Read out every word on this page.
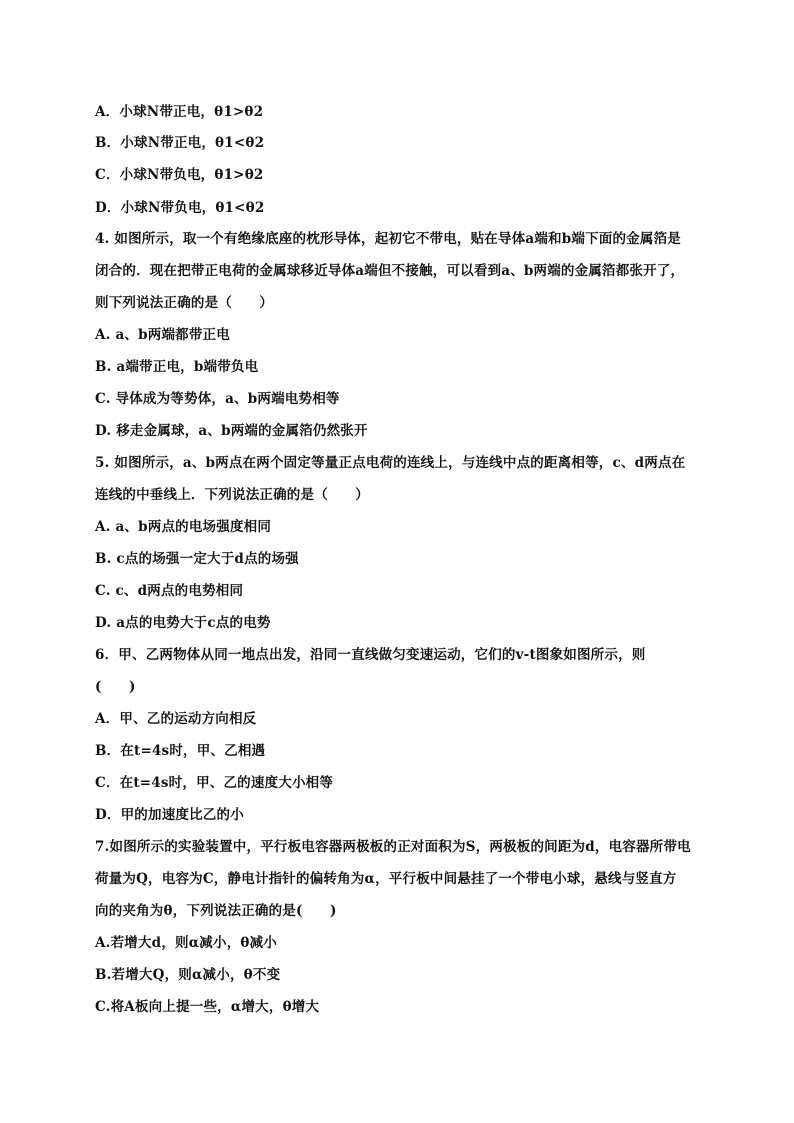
A．小球N带正电，θ1>θ2
B．小球N带正电，θ1<θ2
C．小球N带负电，θ1>θ2
D．小球N带负电，θ1<θ2
4. 如图所示，取一个有绝缘底座的枕形导体，起初它不带电，贴在导体a端和b端下面的金属箔是
闭合的．现在把带正电荷的金属球移近导体a端但不接触，可以看到a、b两端的金属箔都张开了，
则下列说法正确的是（　　）
A. a、b两端都带正电
B. a端带正电，b端带负电
C. 导体成为等势体，a、b两端电势相等
D. 移走金属球，a、b两端的金属箔仍然张开
5. 如图所示，a、b两点在两个固定等量正点电荷的连线上，与连线中点的距离相等，c、d两点在
连线的中垂线上．下列说法正确的是（　　）
A. a、b两点的电场强度相同
B. c点的场强一定大于d点的场强
C. c、d两点的电势相同
D. a点的电势大于c点的电势
6．甲、乙两物体从同一地点出发，沿同一直线做匀变速运动，它们的v-t图象如图所示，则
(　　)
A．甲、乙的运动方向相反
B．在t=4s时，甲、乙相遇
C．在t=4s时，甲、乙的速度大小相等
D．甲的加速度比乙的小
7.如图所示的实验装置中，平行板电容器两极板的正对面积为S，两极板的间距为d，电容器所带电
荷量为Q，电容为C，静电计指针的偏转角为α，平行板中间悬挂了一个带电小球，悬线与竖直方
向的夹角为θ，下列说法正确的是(　　)
A.若增大d，则α减小，θ减小
B.若增大Q，则α减小，θ不变
C.将A板向上提一些，α增大，θ增大
